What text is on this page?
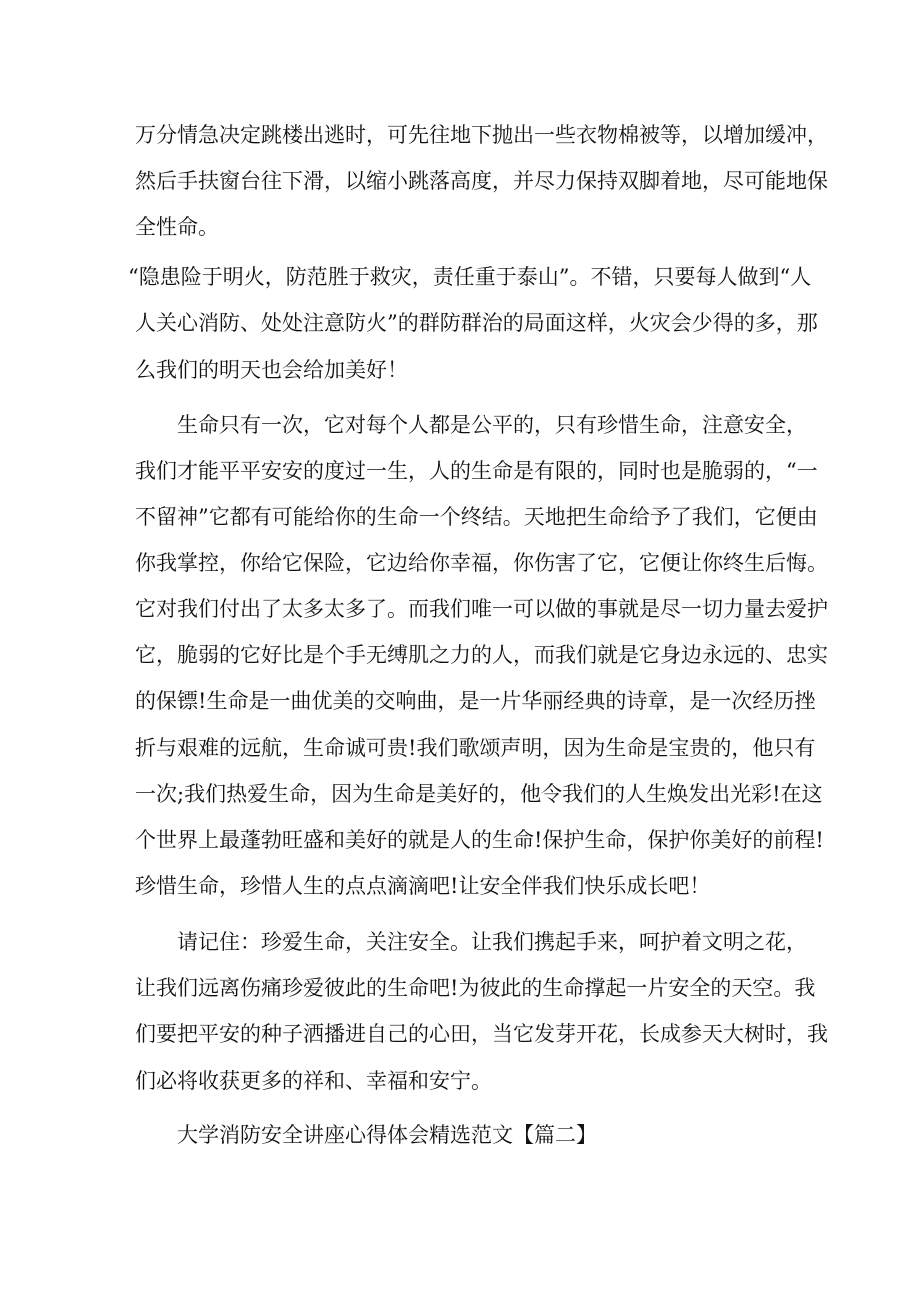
万分情急决定跳楼出逃时，可先往地下抛出一些衣物棉被等，以增加缓冲，

然后手扶窗台往下滑，以缩小跳落高度，并尽力保持双脚着地，尽可能地保

全性命。

“隐患险于明火，防范胜于救灾，责任重于泰山”。不错，只要每人做到“人

人关心消防、处处注意防火”的群防群治的局面这样，火灾会少得的多，那

么我们的明天也会给加美好！

生命只有一次，它对每个人都是公平的，只有珍惜生命，注意安全，

我们才能平平安安的度过一生，人的生命是有限的，同时也是脆弱的，“一

不留神”它都有可能给你的生命一个终结。天地把生命给予了我们，它便由

你我掌控，你给它保险，它边给你幸福，你伤害了它，它便让你终生后悔。

它对我们付出了太多太多了。而我们唯一可以做的事就是尽一切力量去爱护

它，脆弱的它好比是个手无缚肌之力的人，而我们就是它身边永远的、忠实

的保镖!生命是一曲优美的交响曲，是一片华丽经典的诗章，是一次经历挫

折与艰难的远航，生命诚可贵!我们歌颂声明，因为生命是宝贵的，他只有

一次;我们热爱生命，因为生命是美好的，他令我们的人生焕发出光彩!在这

个世界上最蓬勃旺盛和美好的就是人的生命!保护生命，保护你美好的前程!

珍惜生命，珍惜人生的点点滴滴吧!让安全伴我们快乐成长吧！

请记住：珍爱生命，关注安全。让我们携起手来，呵护着文明之花，

让我们远离伤痛珍爱彼此的生命吧!为彼此的生命撑起一片安全的天空。我

们要把平安的种子洒播进自己的心田，当它发芽开花，长成参天大树时，我

们必将收获更多的祥和、幸福和安宁。

大学消防安全讲座心得体会精选范文【篇二】
